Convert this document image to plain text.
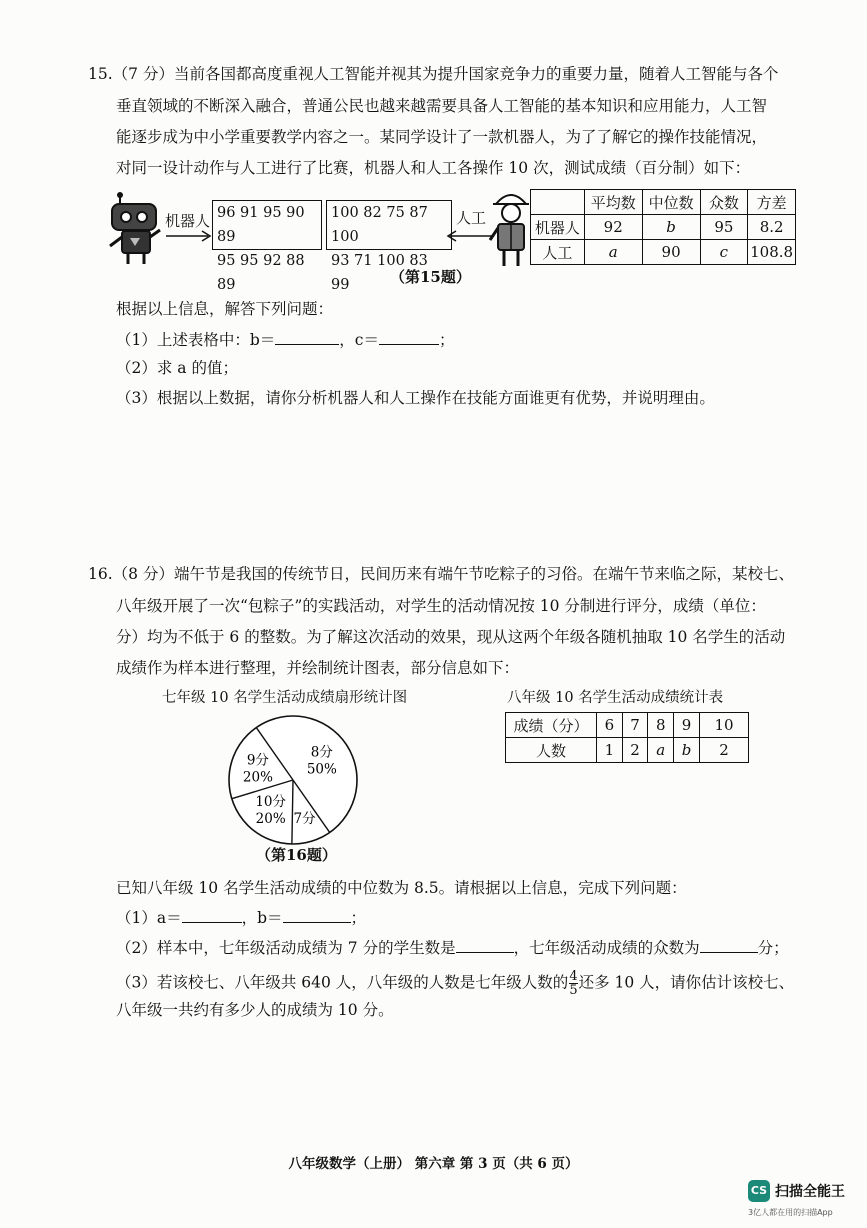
15.（7 分）当前各国都高度重视人工智能并视其为提升国家竞争力的重要力量，随着人工智能与各个
垂直领域的不断深入融合，普通公民也越来越需要具备人工智能的基本知识和应用能力，人工智
能逐步成为中小学重要教学内容之一。某同学设计了一款机器人，为了了解它的操作技能情况，
对同一设计动作与人工进行了比赛，机器人和人工各操作 10 次，测试成绩（百分制）如下：
机器人 96 91 95 90 89
95 95 92 88 89
100 82 75 87 100
93 71 100 83 99
人工
	平均数	中位数	众数	方差
机器人	92	b	95	8.2
人工	a	90	c	108.8
（第15题）
根据以上信息，解答下列问题：
（1）上述表格中：b＝	，c＝	；
（2）求 a 的值；
（3）根据以上数据，请你分析机器人和人工操作在技能方面谁更有优势，并说明理由。
16.（8 分）端午节是我国的传统节日，民间历来有端午节吃粽子的习俗。在端午节来临之际，某校七、
八年级开展了一次“包粽子”的实践活动，对学生的活动情况按 10 分制进行评分，成绩（单位：
分）均为不低于 6 的整数。为了解这次活动的效果，现从这两个年级各随机抽取 10 名学生的活动
成绩作为样本进行整理，并绘制统计图表，部分信息如下：
七年级 10 名学生活动成绩扇形统计图	八年级 10 名学生活动成绩统计表
8分
50%
7分
10分
20%
9分
20%
成绩（分）	6	7	8	9	10
人数	1	2	a	b	2
（第16题）
已知八年级 10 名学生活动成绩的中位数为 8.5。请根据以上信息，完成下列问题：
（1）a＝	，b＝	；
（2）样本中，七年级活动成绩为 7 分的学生数是	，七年级活动成绩的众数为	分；
（3）若该校七、八年级共 640 人，八年级的人数是七年级人数的 $\frac{4}{5}$ 还多 10 人，请你估计该校七、
八年级一共约有多少人的成绩为 10 分。
八年级数学（上册） 第六章 第 3 页（共 6 页）
CS 扫描全能王
3亿人都在用的扫描App
